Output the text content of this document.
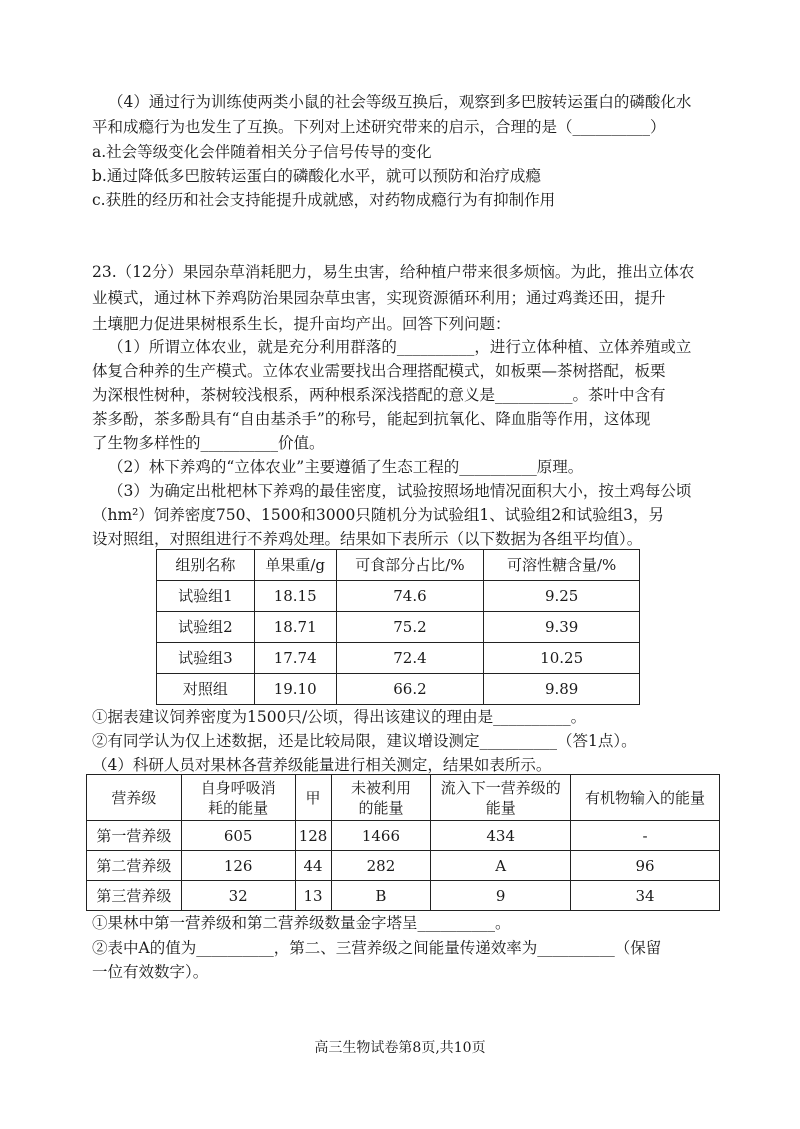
（4）通过行为训练使两类小鼠的社会等级互换后，观察到多巴胺转运蛋白的磷酸化水
平和成瘾行为也发生了互换。下列对上述研究带来的启示，合理的是（__________）
a.社会等级变化会伴随着相关分子信号传导的变化
b.通过降低多巴胺转运蛋白的磷酸化水平，就可以预防和治疗成瘾
c.获胜的经历和社会支持能提升成就感，对药物成瘾行为有抑制作用
23.（12分）果园杂草消耗肥力，易生虫害，给种植户带来很多烦恼。为此，推出立体农
业模式，通过林下养鸡防治果园杂草虫害，实现资源循环利用；通过鸡粪还田，提升
土壤肥力促进果树根系生长，提升亩均产出。回答下列问题：
（1）所谓立体农业，就是充分利用群落的__________，进行立体种植、立体养殖或立
体复合种养的生产模式。立体农业需要找出合理搭配模式，如板栗—茶树搭配，板栗
为深根性树种，茶树较浅根系，两种根系深浅搭配的意义是__________。茶叶中含有
茶多酚，茶多酚具有“自由基杀手”的称号，能起到抗氧化、降血脂等作用，这体现
了生物多样性的__________价值。
（2）林下养鸡的“立体农业”主要遵循了生态工程的__________原理。
（3）为确定出枇杷林下养鸡的最佳密度，试验按照场地情况面积大小，按土鸡每公顷
（hm²）饲养密度750、1500和3000只随机分为试验组1、试验组2和试验组3，另
设对照组，对照组进行不养鸡处理。结果如下表所示（以下数据为各组平均值）。
组别名称	单果重/g	可食部分占比/%	可溶性糖含量/%
试验组1	18.15	74.6	9.25
试验组2	18.71	75.2	9.39
试验组3	17.74	72.4	10.25
对照组	19.10	66.2	9.89
①据表建议饲养密度为1500只/公顷，得出该建议的理由是__________。
②有同学认为仅上述数据，还是比较局限，建议增设测定__________（答1点）。
（4）科研人员对果林各营养级能量进行相关测定，结果如表所示。
营养级	自身呼吸消耗的能量	甲	未被利用的能量	流入下一营养级的能量	有机物输入的能量
第一营养级	605	128	1466	434	-
第二营养级	126	44	282	A	96
第三营养级	32	13	B	9	34
①果林中第一营养级和第二营养级数量金字塔呈__________。
②表中A的值为__________，第二、三营养级之间能量传递效率为__________（保留
一位有效数字）。
高三生物试卷第8页,共10页
